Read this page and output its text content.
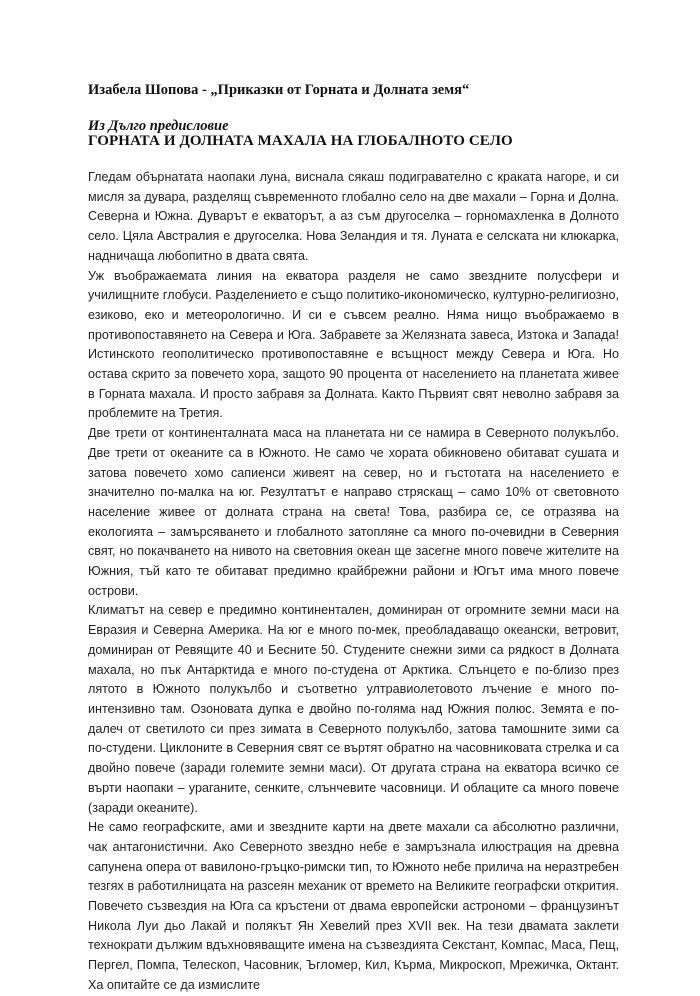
Изабела Шопова - „Приказки от Горната и Долната земя“
Из Дълго предисловие
ГОРНАТА И ДОЛНАТА МАХАЛА НА ГЛОБАЛНОТО СЕЛО

Гледам обърнатата наопаки луна, виснала сякаш подигравателно с краката нагоре, и си мисля за дувара, разделящ съвременното глобално село на две махали – Горна и Долна. Северна и Южна. Дуварът е екваторът, а аз съм другоселка – горномахленка в Долното село. Цяла Австралия е другоселка. Нова Зеландия и тя. Луната е селската ни клюкарка, надничаща любопитно в двата свята.

Уж въображаемата линия на екватора разделя не само звездните полусфери и училищните глобуси. Разделението е също политико-икономическо, културно-религиозно, езиково, еко и метеорологично. И си е съвсем реално. Няма нищо въображаемо в противопоставянето на Севера и Юга. Забравете за Желязната завеса, Изтока и Запада! Истинското геополитическо противопоставяне е всъщност между Севера и Юга. Но остава скрито за повечето хора, защото 90 процента от населението на планетата живее в Горната махала. И просто забравя за Долната. Както Първият свят неволно забравя за проблемите на Третия.

Две трети от континенталната маса на планетата ни се намира в Северното полукълбо. Две трети от океаните са в Южното. Не само че хората обикновено обитават сушата и затова повечето хомо сапиенси живеят на север, но и гъстотата на населението е значително по-малка на юг. Резултатът е направо стряскащ – само 10% от световното население живее от долната страна на света! Това, разбира се, се отразява на екологията – замърсяването и глобалното затопляне са много по-очевидни в Северния свят, но покачването на нивото на световния океан ще засегне много повече жителите на Южния, тъй като те обитават предимно крайбрежни райони и Югът има много повече острови.

Климатът на север е предимно континентален, доминиран от огромните земни маси на Евразия и Северна Америка. На юг е много по-мек, преобладаващо океански, ветровит, доминиран от Ревящите 40 и Бесните 50. Студените снежни зими са рядкост в Долната махала, но пък Антарктида е много по-студена от Арктика. Слънцето е по-близо през лятото в Южното полукълбо и съответно ултравиолетовото лъчение е много по-интензивно там. Озоновата дупка е двойно по-голяма над Южния полюс. Земята е по-далеч от светилото си през зимата в Северното полукълбо, затова тамошните зими са по-студени. Циклоните в Северния свят се въртят обратно на часовниковата стрелка и са двойно повече (заради големите земни маси). От другата страна на екватора всичко се върти наопаки – ураганите, сенките, слънчевите часовници. И облаците са много повече (заради океаните).

Не само географските, ами и звездните карти на двете махали са абсолютно различни, чак антагонистични. Ако Северното звездно небе е замръзнала илюстрация на древна сапунена опера от вавилоно-гръцко-римски тип, то Южното небе прилича на неразтребен тезгях в работилницата на разсеян механик от времето на Великите географски открития. Повечето съзвездия на Юга са кръстени от двама европейски астрономи – французинът Никола Луи дьо Лакай и полякът Ян Хевелий през XVII век. На тези двамата заклети технократи дължим вдъхновяващите имена на съзвездията Секстант, Компас, Маса, Пещ, Пергел, Помпа, Телескоп, Часовник, Ъгломер, Кил, Кърма, Микроскоп, Мрежичка, Октант. Ха опитайте се да измислите
